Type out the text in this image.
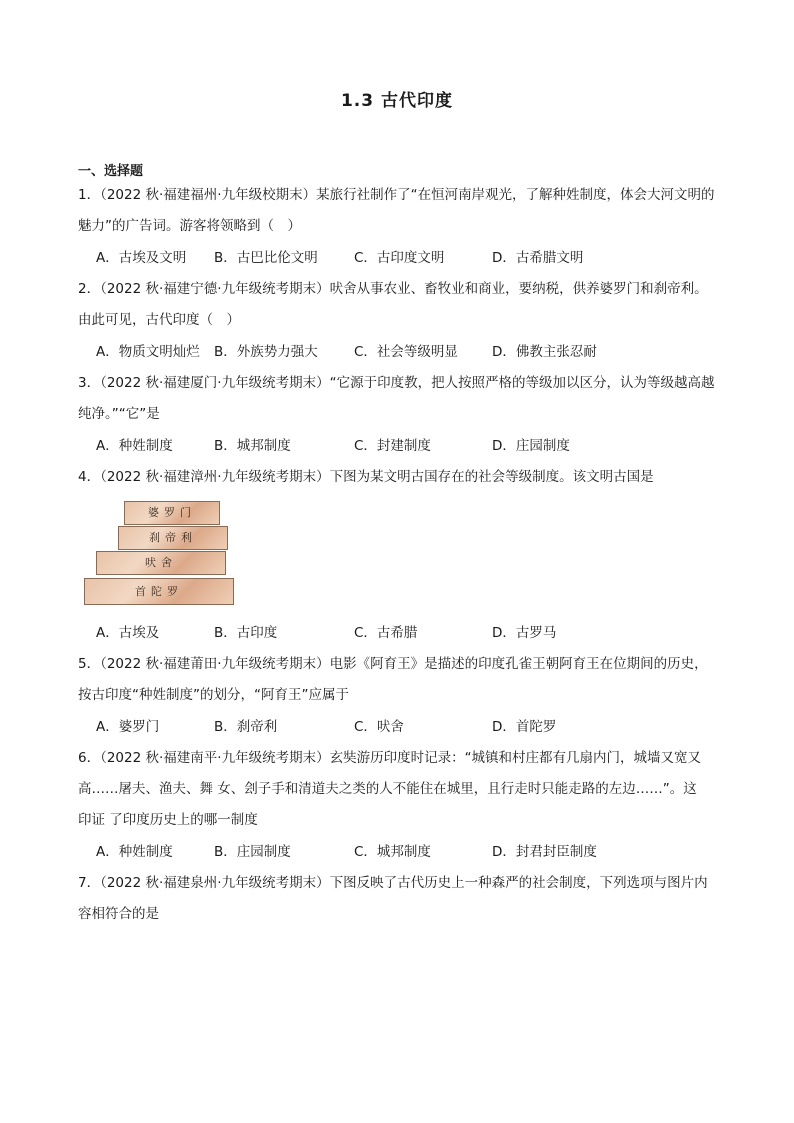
1.3 古代印度
一、选择题
1．（2022 秋·福建福州·九年级校期末）某旅行社制作了“在恒河南岸观光，了解种姓制度，体会大河文明的
魅力”的广告词。游客将领略到（　）
A．古埃及文明 B．古巴比伦文明	C．古印度文明	D．古希腊文明
2．（2022 秋·福建宁德·九年级统考期末）吠舍从事农业、畜牧业和商业，要纳税，供养婆罗门和刹帝利。
由此可见，古代印度（　）
A．物质文明灿烂 B．外族势力强大	C．社会等级明显	D．佛教主张忍耐
3．（2022 秋·福建厦门·九年级统考期末）“它源于印度教，把人按照严格的等级加以区分，认为等级越高越
纯净。”“它”是
A．种姓制度	B．城邦制度	C．封建制度	D．庄园制度
4．（2022 秋·福建漳州·九年级统考期末）下图为某文明古国存在的社会等级制度。该文明古国是
婆罗门
刹帝利
吠舍
首陀罗
A．古埃及	B．古印度	C．古希腊	D．古罗马
5．（2022 秋·福建莆田·九年级统考期末）电影《阿育王》是描述的印度孔雀王朝阿育王在位期间的历史，
按古印度“种姓制度”的划分，“阿育王”应属于
A．婆罗门	B．刹帝利	C．吠舍	D．首陀罗
6．（2022 秋·福建南平·九年级统考期末）玄奘游历印度时记录：“城镇和村庄都有几扇内门，城墙又宽又
高……屠夫、渔夫、舞 女、刽子手和清道夫之类的人不能住在城里，且行走时只能走路的左边……”。这
印证 了印度历史上的哪一制度
A．种姓制度	B．庄园制度	C．城邦制度	D．封君封臣制度
7．（2022 秋·福建泉州·九年级统考期末）下图反映了古代历史上一种森严的社会制度，下列选项与图片内
容相符合的是
